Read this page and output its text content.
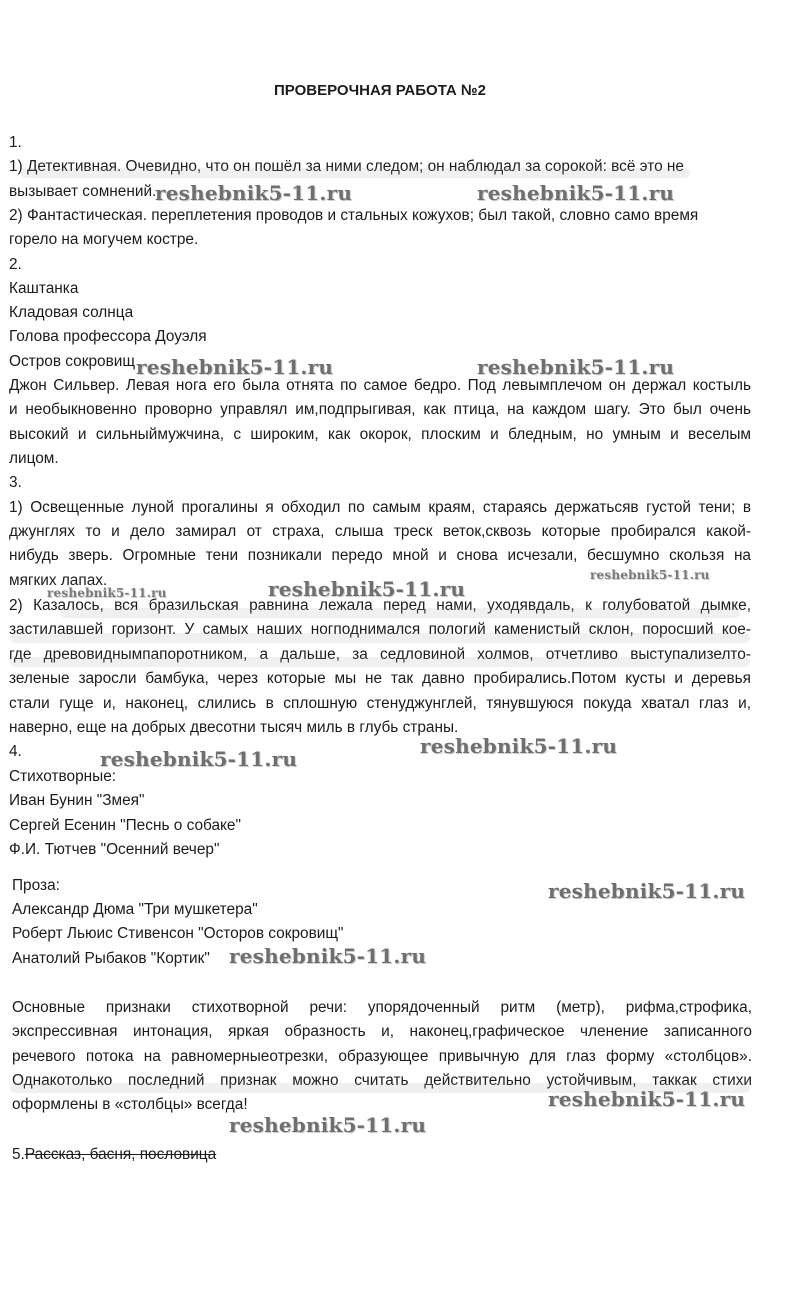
ПРОВЕРОЧНАЯ РАБОТА №2
1.
1) Детективная. Очевидно, что он пошёл за ними следом; он наблюдал за сорокой: всё это не
вызывает сомнений.
2) Фантастическая. переплетения проводов и стальных кожухов; был такой, словно само время
горело на могучем костре.
2.
Каштанка
Кладовая солнца
Голова профессора Доуэля
Остров сокровищ
Джон Сильвер. Левая нога его была отнята по самое бедро. Под левымплечом он держал костыль
и необыкновенно проворно управлял им,подпрыгивая, как птица, на каждом шагу. Это был очень
высокий и сильныймужчина, с широким, как окорок, плоским и бледным, но умным и веселым
лицом.
3.
1) Освещенные луной прогалины я обходил по самым краям, стараясь держатьсяв густой тени; в
джунглях то и дело замирал от страха, слыша треск веток,сквозь которые пробирался какой-
нибудь зверь. Огромные тени позникали передо мной и снова исчезали, бесшумно скользя на
мягких лапах.
2) Казалось, вся бразильская равнина лежала перед нами, уходявдаль, к голубоватой дымке,
застилавшей горизонт. У самых наших ногподнимался пологий каменистый склон, поросший кое-
где древовиднымпапоротником, а дальше, за седловиной холмов, отчетливо выступализелто-
зеленые заросли бамбука, через которые мы не так давно пробирались.Потом кусты и деревья
стали гуще и, наконец, слились в сплошную стенуджунглей, тянувшуюся покуда хватал глаз и,
наверно, еще на добрых двесотни тысяч миль в глубь страны.
4.
Стихотворные:
Иван Бунин "Змея"
Сергей Есенин "Песнь о собаке"
Ф.И. Тютчев "Осенний вечер"
Проза:
Александр Дюма "Три мушкетера"
Роберт Льюис Стивенсон "Осторов сокровищ"
Анатолий Рыбаков "Кортик"
Основные признаки стихотворной речи: упорядоченный ритм (метр), рифма,строфика,
экспрессивная интонация, яркая образность и, наконец,графическое членение записанного
речевого потока на равномерныеотрезки, образующее привычную для глаз форму «столбцов».
Однакотолько последний признак можно считать действительно устойчивым, таккак стихи
оформлены в «столбцы» всегда!
5.Рассказ, басня, пословица
reshebnik5-11.ru	reshebnik5-11.ru
reshebnik5-11.ru	reshebnik5-11.ru
reshebnik5-11.ru	reshebnik5-11.ru
reshebnik5-11.ru
reshebnik5-11.ru
reshebnik5-11.ru
reshebnik5-11.ru
reshebnik5-11.ru
reshebnik5-11.ru
reshebnik5-11.ru
